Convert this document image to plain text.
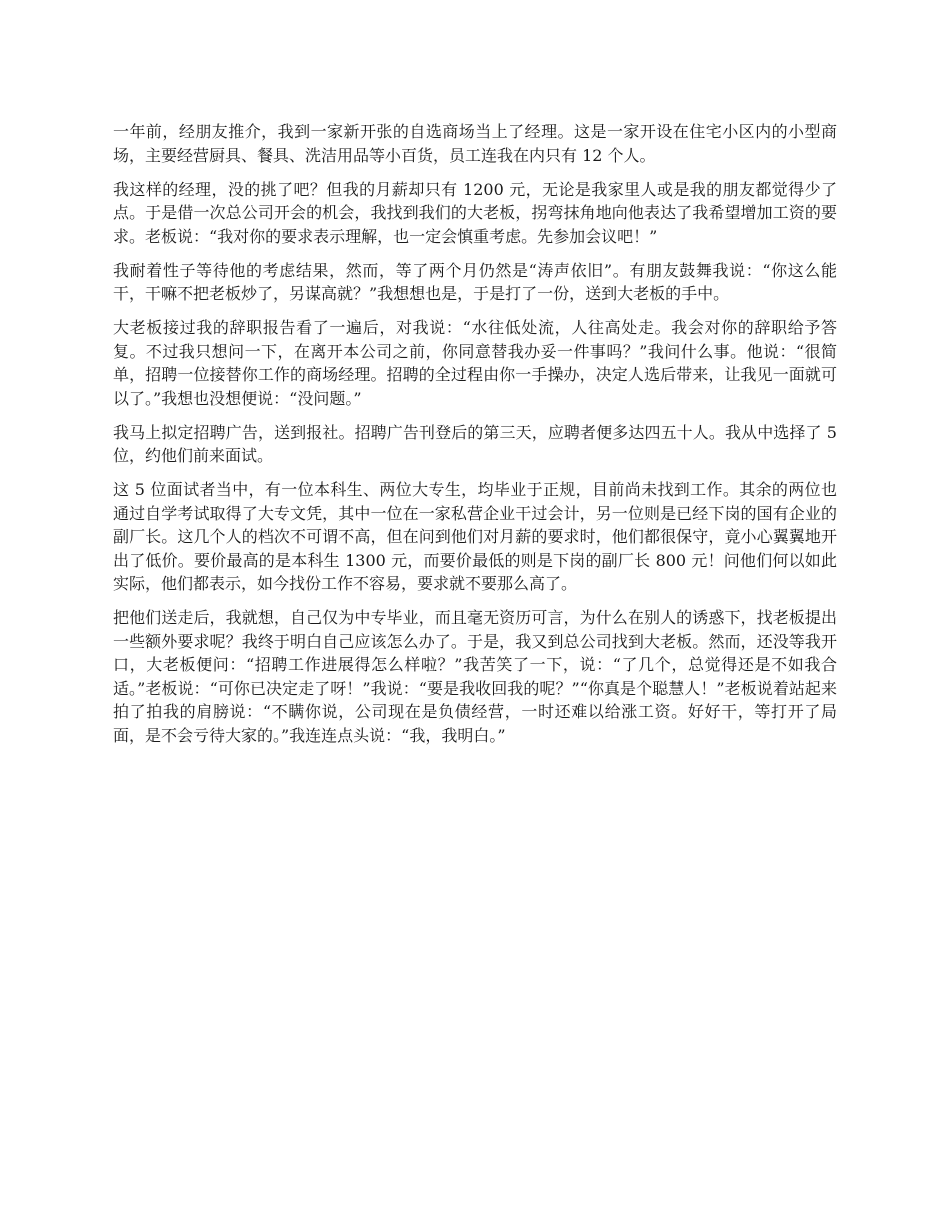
一年前，经朋友推介，我到一家新开张的自选商场当上了经理。这是一家开设在住宅小区内的小型商场，主要经营厨具、餐具、洗洁用品等小百货，员工连我在内只有 12 个人。

我这样的经理，没的挑了吧？但我的月薪却只有 1200 元，无论是我家里人或是我的朋友都觉得少了点。于是借一次总公司开会的机会，我找到我们的大老板，拐弯抹角地向他表达了我希望增加工资的要求。老板说：“我对你的要求表示理解，也一定会慎重考虑。先参加会议吧！”

我耐着性子等待他的考虑结果，然而，等了两个月仍然是“涛声依旧”。有朋友鼓舞我说：“你这么能干，干嘛不把老板炒了，另谋高就？”我想想也是，于是打了一份，送到大老板的手中。

大老板接过我的辞职报告看了一遍后，对我说：“水往低处流，人往高处走。我会对你的辞职给予答复。不过我只想问一下，在离开本公司之前，你同意替我办妥一件事吗？”我问什么事。他说：“很简单，招聘一位接替你工作的商场经理。招聘的全过程由你一手操办，决定人选后带来，让我见一面就可以了。”我想也没想便说：“没问题。”

我马上拟定招聘广告，送到报社。招聘广告刊登后的第三天，应聘者便多达四五十人。我从中选择了 5 位，约他们前来面试。

这 5 位面试者当中，有一位本科生、两位大专生，均毕业于正规，目前尚未找到工作。其余的两位也通过自学考试取得了大专文凭，其中一位在一家私营企业干过会计，另一位则是已经下岗的国有企业的副厂长。这几个人的档次不可谓不高，但在问到他们对月薪的要求时，他们都很保守，竟小心翼翼地开出了低价。要价最高的是本科生 1300 元，而要价最低的则是下岗的副厂长 800 元！问他们何以如此实际，他们都表示，如今找份工作不容易，要求就不要那么高了。

把他们送走后，我就想，自己仅为中专毕业，而且毫无资历可言，为什么在别人的诱惑下，找老板提出一些额外要求呢？我终于明白自己应该怎么办了。于是，我又到总公司找到大老板。然而，还没等我开口，大老板便问：“招聘工作进展得怎么样啦？”我苦笑了一下，说：“了几个，总觉得还是不如我合适。”老板说：“可你已决定走了呀！”我说：“要是我收回我的呢？”“你真是个聪慧人！”老板说着站起来拍了拍我的肩膀说：“不瞒你说，公司现在是负债经营，一时还难以给涨工资。好好干，等打开了局面，是不会亏待大家的。”我连连点头说：“我，我明白。”
